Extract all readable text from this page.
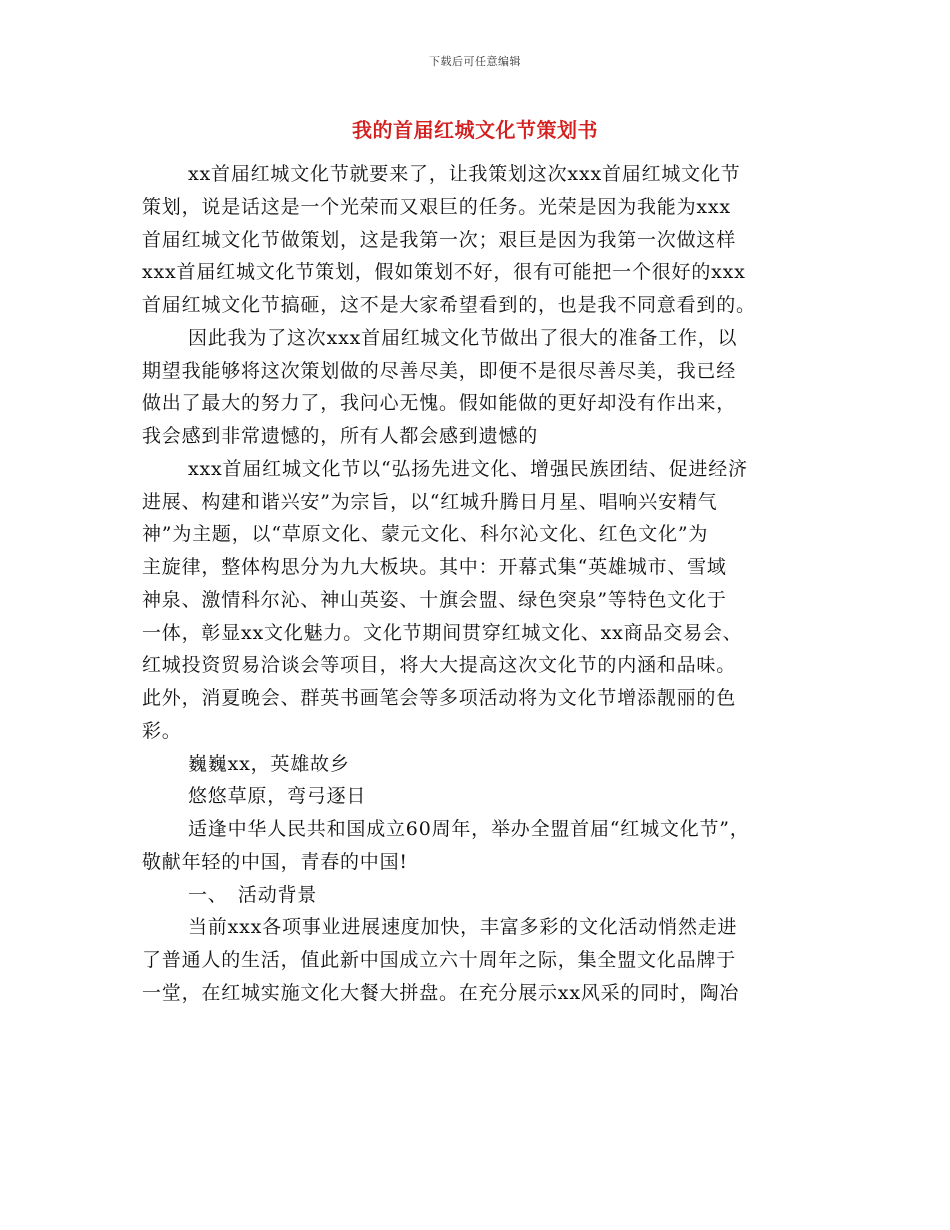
下载后可任意编辑
我的首届红城文化节策划书
xx首届红城文化节就要来了，让我策划这次xxx首届红城文化节
策划，说是话这是一个光荣而又艰巨的任务。光荣是因为我能为xxx
首届红城文化节做策划，这是我第一次；艰巨是因为我第一次做这样
xxx首届红城文化节策划，假如策划不好，很有可能把一个很好的xxx
首届红城文化节搞砸，这不是大家希望看到的，也是我不同意看到的。
因此我为了这次xxx首届红城文化节做出了很大的准备工作，以
期望我能够将这次策划做的尽善尽美，即便不是很尽善尽美，我已经
做出了最大的努力了，我问心无愧。假如能做的更好却没有作出来，
我会感到非常遗憾的，所有人都会感到遗憾的
xxx首届红城文化节以“弘扬先进文化、增强民族团结、促进经济
进展、构建和谐兴安”为宗旨，以“红城升腾日月星、唱响兴安精气
神”为主题，以“草原文化、蒙元文化、科尔沁文化、红色文化”为
主旋律，整体构思分为九大板块。其中：开幕式集“英雄城市、雪域
神泉、激情科尔沁、神山英姿、十旗会盟、绿色突泉”等特色文化于
一体，彰显xx文化魅力。文化节期间贯穿红城文化、xx商品交易会、
红城投资贸易洽谈会等项目，将大大提高这次文化节的内涵和品味。
此外，消夏晚会、群英书画笔会等多项活动将为文化节增添靓丽的色
彩。
巍巍xx，英雄故乡
悠悠草原，弯弓逐日
适逢中华人民共和国成立60周年，举办全盟首届“红城文化节”，
敬献年轻的中国，青春的中国!
一、　活动背景
当前xxx各项事业进展速度加快，丰富多彩的文化活动悄然走进
了普通人的生活，值此新中国成立六十周年之际，集全盟文化品牌于
一堂，在红城实施文化大餐大拼盘。在充分展示xx风采的同时，陶冶
